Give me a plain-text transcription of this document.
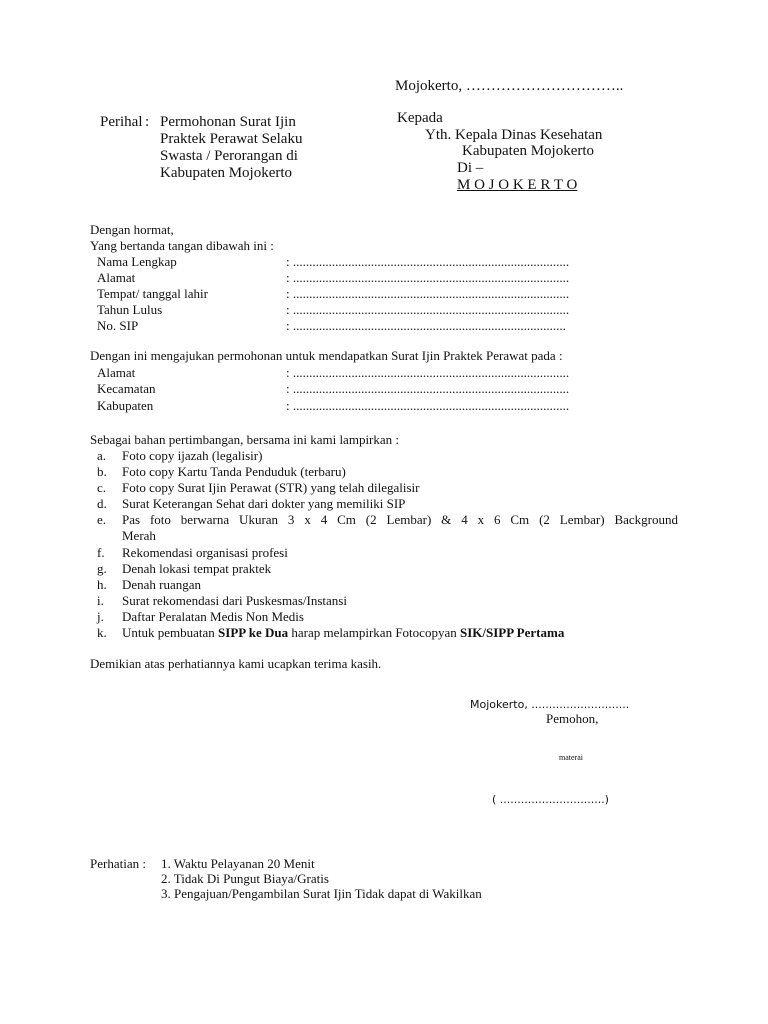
Mojokerto, …………………………..
Perihal : Permohonan Surat Ijin
Praktek Perawat Selaku
Swasta / Perorangan di
Kabupaten Mojokerto
Kepada
Yth. Kepala Dinas Kesehatan
Kabupaten Mojokerto
Di –
M O J O K E R T O
Dengan hormat,
Yang bertanda tangan dibawah ini :
Nama Lengkap	: .....................................................................................
Alamat	: .....................................................................................
Tempat/ tanggal lahir	: .....................................................................................
Tahun Lulus	: .....................................................................................
No. SIP	: ....................................................................................
Dengan ini mengajukan permohonan untuk mendapatkan Surat Ijin Praktek Perawat pada :
Alamat	: .....................................................................................
Kecamatan	: .....................................................................................
Kabupaten	: .....................................................................................
Sebagai bahan pertimbangan, bersama ini kami lampirkan :
a. Foto copy ijazah (legalisir)
b. Foto copy Kartu Tanda Penduduk (terbaru)
c. Foto copy Surat Ijin Perawat (STR) yang telah dilegalisir
d. Surat Keterangan Sehat dari dokter yang memiliki SIP
e. Pas foto berwarna Ukuran 3 x 4 Cm (2 Lembar) & 4 x 6 Cm (2 Lembar) Background
Merah
f. Rekomendasi organisasi profesi
g. Denah lokasi tempat praktek
h. Denah ruangan
i. Surat rekomendasi dari Puskesmas/Instansi
j. Daftar Peralatan Medis Non Medis
k. Untuk pembuatan SIPP ke Dua harap melampirkan Fotocopyan SIK/SIPP Pertama
Demikian atas perhatiannya kami ucapkan terima kasih.
Mojokerto, ............................
Pemohon,
materai
( ..............................)
Perhatian : 1. Waktu Pelayanan 20 Menit
2. Tidak Di Pungut Biaya/Gratis
3. Pengajuan/Pengambilan Surat Ijin Tidak dapat di Wakilkan
